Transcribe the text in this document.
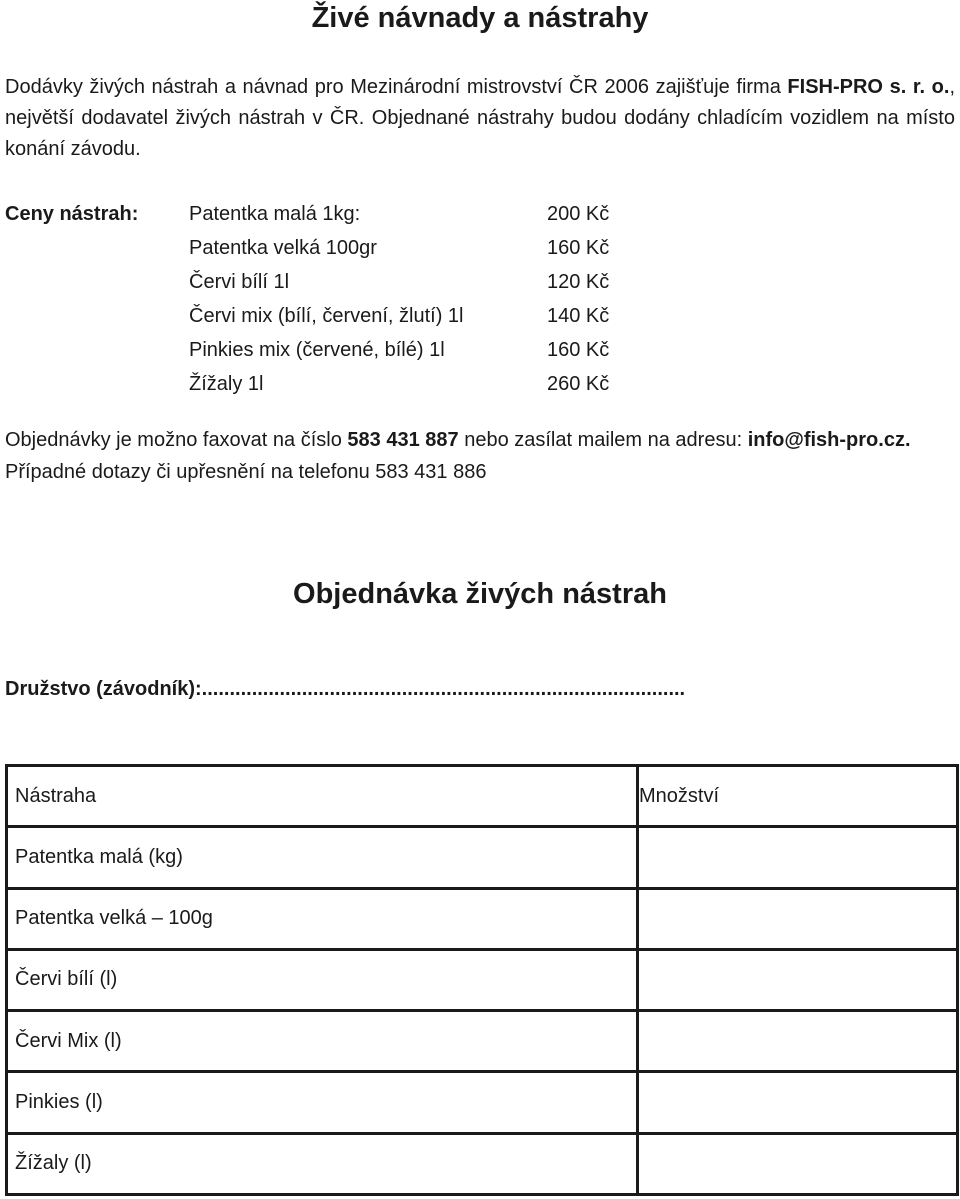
Živé návnady a nástrahy
Dodávky živých nástrah a návnad pro Mezinárodní mistrovství ČR 2006 zajišťuje firma FISH-PRO s. r. o., největší dodavatel živých nástrah v ČR. Objednané nástrahy budou dodány chladícím vozidlem na místo konání závodu.
Ceny nástrah:	Patentka malá 1kg:	200 Kč
Patentka velká 100gr	160 Kč
Červi bílí 1l	120 Kč
Červi mix (bílí, červení, žlutí) 1l	140 Kč
Pinkies mix (červené, bílé) 1l	160 Kč
Žížaly 1l	260 Kč
Objednávky je možno faxovat na číslo 583 431 887 nebo zasílat mailem na adresu: info@fish-pro.cz. Případné dotazy či upřesnění na telefonu 583 431 886
Objednávka živých nástrah
Družstvo (závodník):.......................................................................................
Nástraha	Množství
Patentka malá (kg)	
Patentka velká – 100g	
Červi bílí (l)	
Červi Mix (l)	
Pinkies (l)	
Žížaly (l)	
